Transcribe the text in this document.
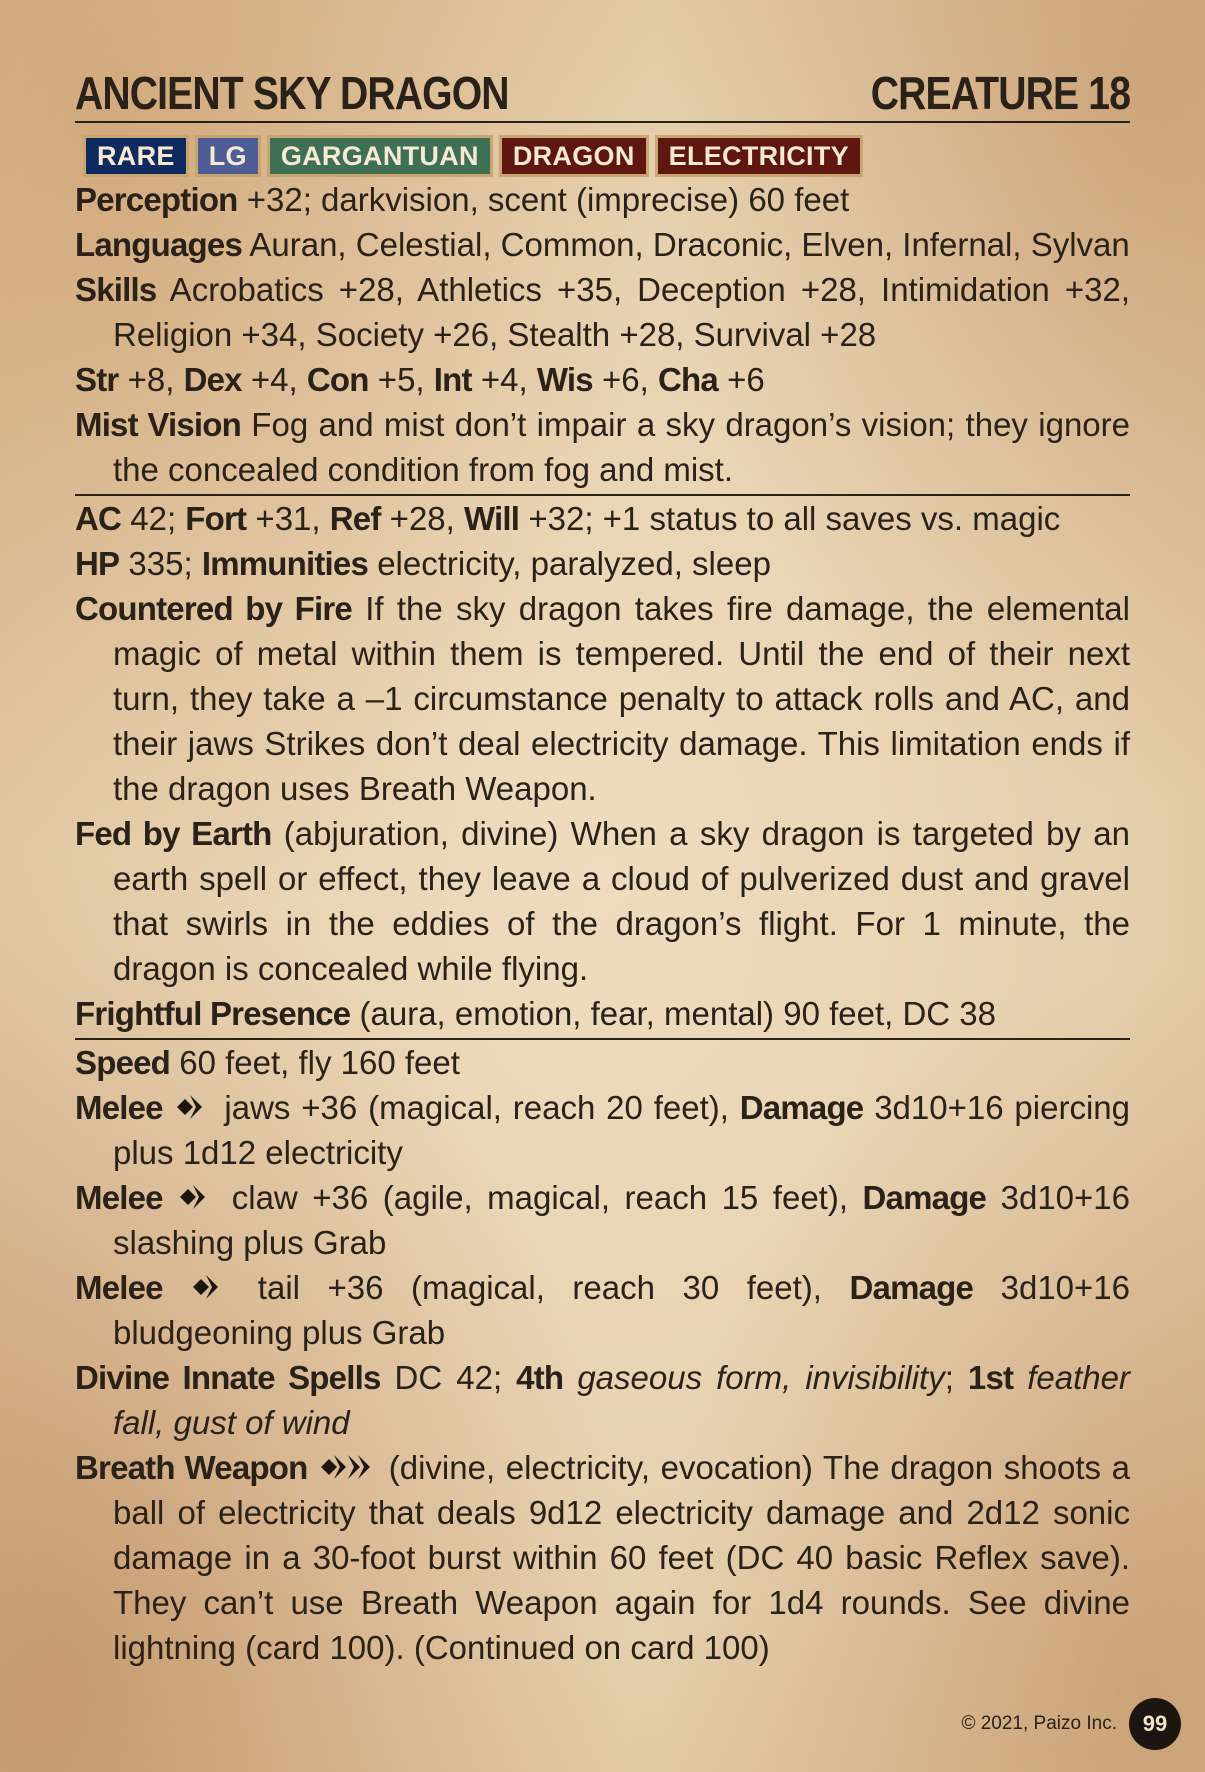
ANCIENT SKY DRAGON	CREATURE 18
RARE	LG	GARGANTUAN	DRAGON	ELECTRICITY
Perception +32; darkvision, scent (imprecise) 60 feet
Languages Auran, Celestial, Common, Draconic, Elven, Infernal, Sylvan
Skills Acrobatics +28, Athletics +35, Deception +28, Intimidation +32, Religion +34, Society +26, Stealth +28, Survival +28
Str +8, Dex +4, Con +5, Int +4, Wis +6, Cha +6
Mist Vision Fog and mist don’t impair a sky dragon’s vision; they ignore the concealed condition from fog and mist.
AC 42; Fort +31, Ref +28, Will +32; +1 status to all saves vs. magic
HP 335; Immunities electricity, paralyzed, sleep
Countered by Fire If the sky dragon takes fire damage, the elemental magic of metal within them is tempered. Until the end of their next turn, they take a –1 circumstance penalty to attack rolls and AC, and their jaws Strikes don’t deal electricity damage. This limitation ends if the dragon uses Breath Weapon.
Fed by Earth (abjuration, divine) When a sky dragon is targeted by an earth spell or effect, they leave a cloud of pulverized dust and gravel that swirls in the eddies of the dragon’s flight. For 1 minute, the dragon is concealed while flying.
Frightful Presence (aura, emotion, fear, mental) 90 feet, DC 38
Speed 60 feet, fly 160 feet
Melee  jaws +36 (magical, reach 20 feet), Damage 3d10+16 piercing plus 1d12 electricity
Melee  claw +36 (agile, magical, reach 15 feet), Damage 3d10+16 slashing plus Grab
Melee  tail +36 (magical, reach 30 feet), Damage 3d10+16 bludgeoning plus Grab
Divine Innate Spells DC 42; 4th gaseous form, invisibility; 1st feather fall, gust of wind
Breath Weapon  (divine, electricity, evocation) The dragon shoots a ball of electricity that deals 9d12 electricity damage and 2d12 sonic damage in a 30-foot burst within 60 feet (DC 40 basic Reflex save). They can’t use Breath Weapon again for 1d4 rounds. See divine lightning (card 100). (Continued on card 100)
© 2021, Paizo Inc.	99
